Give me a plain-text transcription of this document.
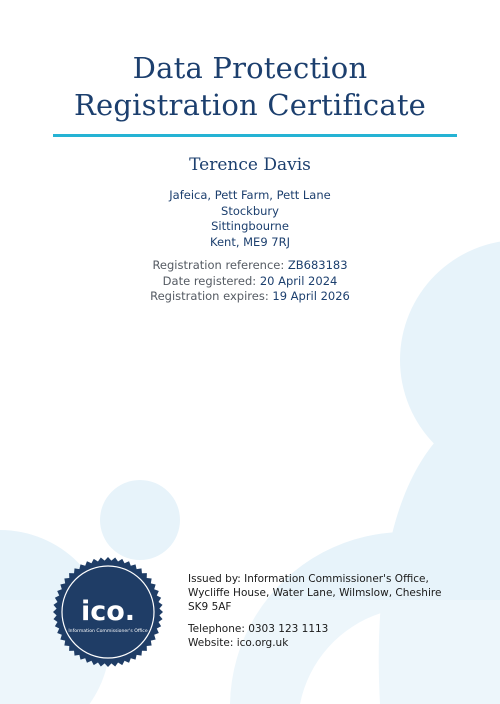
Data Protection
Registration Certificate
Terence Davis
Jafeica, Pett Farm, Pett Lane
Stockbury
Sittingbourne
Kent, ME9 7RJ
Registration reference: ZB683183
Date registered: 20 April 2024
Registration expires: 19 April 2026
ico.
Information Commissioner's Office
Issued by: Information Commissioner's Office,
Wycliffe House, Water Lane, Wilmslow, Cheshire
SK9 5AF
Telephone: 0303 123 1113
Website: ico.org.uk
